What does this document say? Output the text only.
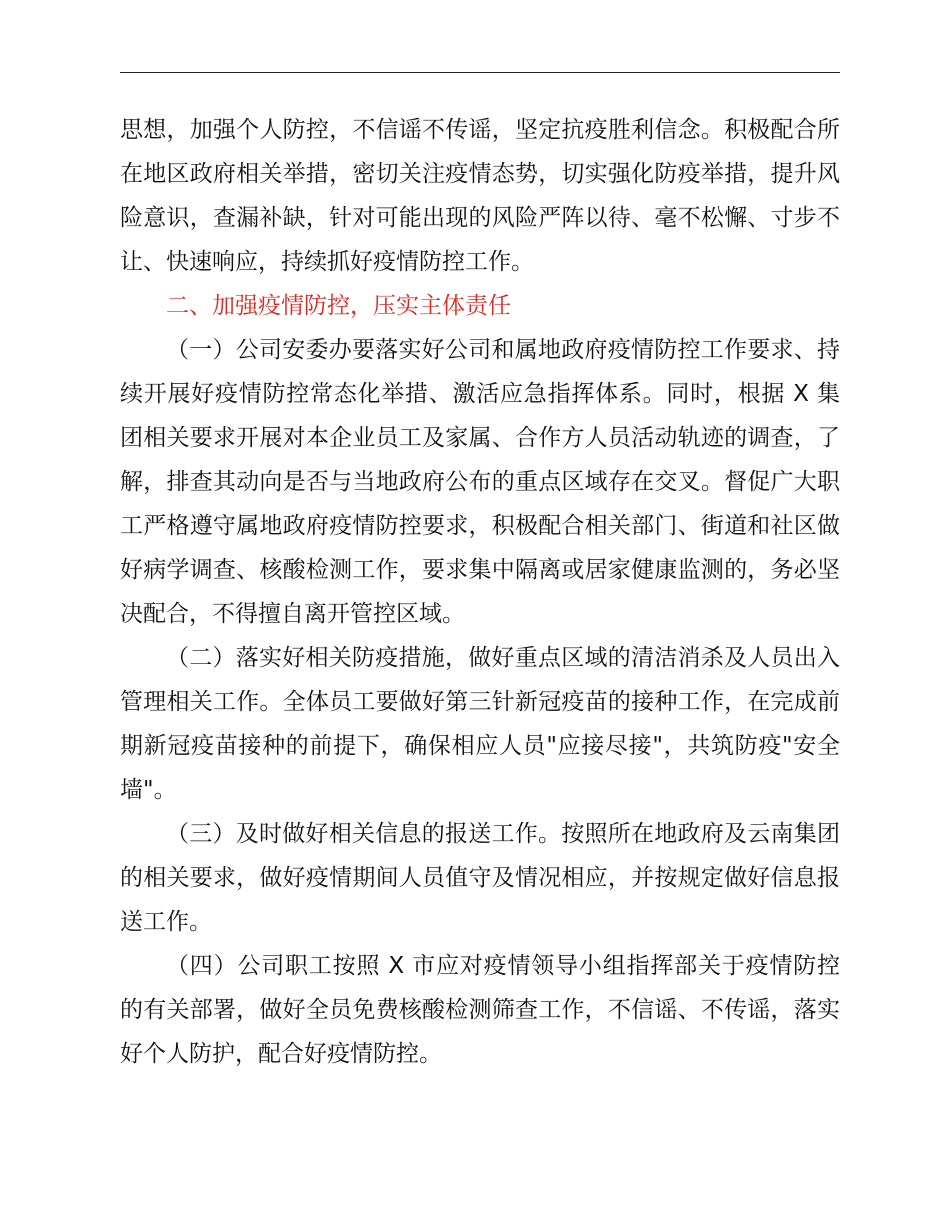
思想，加强个人防控，不信谣不传谣，坚定抗疫胜利信念。积极配合所在地区政府相关举措，密切关注疫情态势，切实强化防疫举措，提升风险意识，查漏补缺，针对可能出现的风险严阵以待、毫不松懈、寸步不让、快速响应，持续抓好疫情防控工作。

二、加强疫情防控，压实主体责任

（一）公司安委办要落实好公司和属地政府疫情防控工作要求、持续开展好疫情防控常态化举措、激活应急指挥体系。同时，根据 X 集团相关要求开展对本企业员工及家属、合作方人员活动轨迹的调查，了解，排查其动向是否与当地政府公布的重点区域存在交叉。督促广大职工严格遵守属地政府疫情防控要求，积极配合相关部门、街道和社区做好病学调查、核酸检测工作，要求集中隔离或居家健康监测的，务必坚决配合，不得擅自离开管控区域。

（二）落实好相关防疫措施，做好重点区域的清洁消杀及人员出入管理相关工作。全体员工要做好第三针新冠疫苗的接种工作，在完成前期新冠疫苗接种的前提下，确保相应人员"应接尽接"，共筑防疫"安全墙"。

（三）及时做好相关信息的报送工作。按照所在地政府及云南集团的相关要求，做好疫情期间人员值守及情况相应，并按规定做好信息报送工作。

（四）公司职工按照 X 市应对疫情领导小组指挥部关于疫情防控的有关部署，做好全员免费核酸检测筛查工作，不信谣、不传谣，落实好个人防护，配合好疫情防控。
